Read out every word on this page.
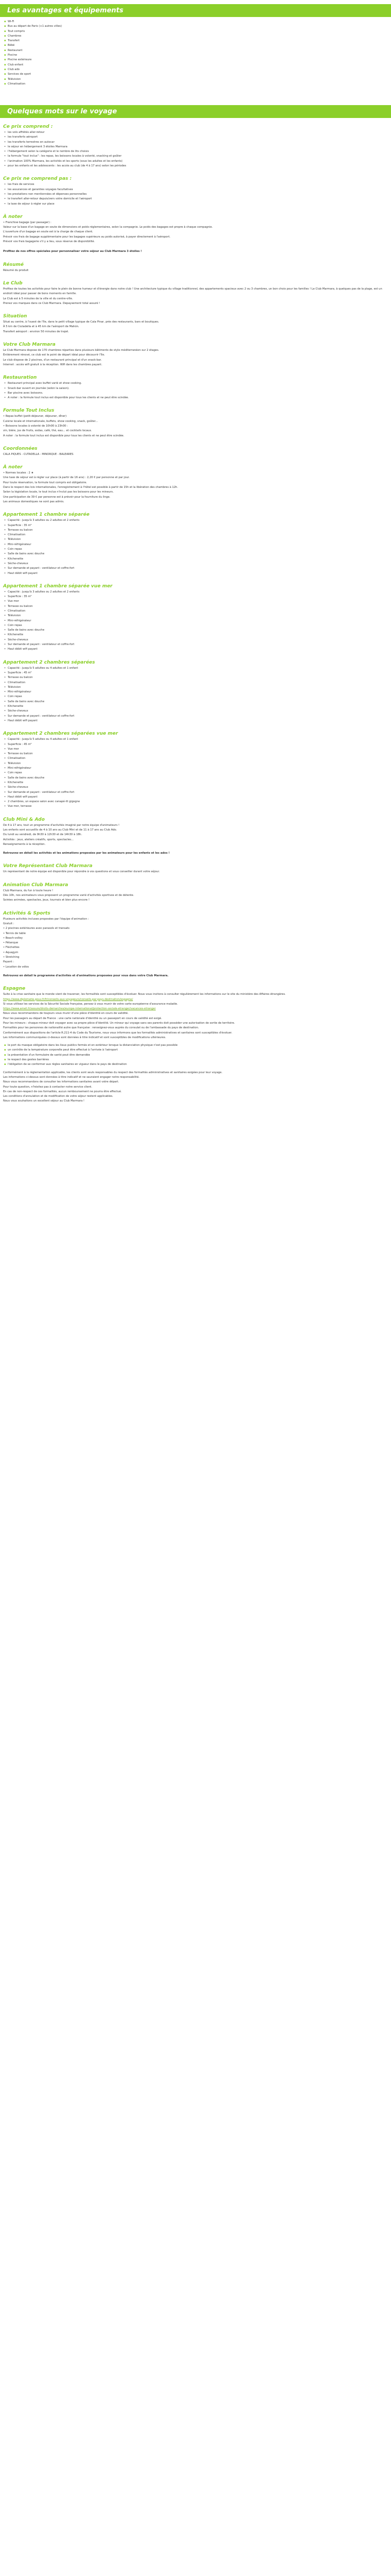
Les avantages et équipements
▪ Wi-Fi
▪ Bus au départ de Paris (+1 autres villes)
▪ Tout compris
▪ Chambres
▪ Transfert
▪ Bébé
▪ Restaurant
▪ Piscine
▪ Piscine extérieure
▪ Club enfant
▪ Club ado
▪ Services de sport
▪ Télévision
▪ Climatisation
Quelques mots sur le voyage
Ce prix comprend :
• les vols affrétés aller-retour
• les transferts aéroport
• les transferts terrestres en autocar
• le séjour en hébergement 3 étoiles Marmara
• l'hébergement selon la catégorie et le nombre de lits choisis
• la formule "tout inclus" : les repas, les boissons locales à volonté, snacking et goûter
• l'animation 100% Marmara, les activités et les sports (sous les adultes et les enfants)
• pour les enfants et les adolescents : les accès au club (de 4 à 17 ans) selon les périodes
Ce prix ne comprend pas :
• les frais de services
• les assurances et garanties voyages facultatives
• les prestations non mentionnées et dépenses personnelles
• le transfert aller-retour depuis/vers votre domicile et l'aéroport
• la taxe de séjour à régler sur place
À noter
• Franchise bagage (par passager) :
Valeur sur la base d'un bagage en soute de dimensions et poids réglementaires, selon la compagnie. Le poids des bagages est propre à chaque compagnie.
L'ouverture d'un bagage en soute est à la charge de chaque client.
Prévoir vos frais de bagage supplémentaire pour les bagages supérieurs au poids autorisé, à payer directement à l'aéroport.
Prévoir vos frais bagagerie s'il y a lieu, sous réserve de disponibilité.
Profitez de nos offres spéciales pour personnaliser votre séjour au Club Marmara 3 étoiles !
Résumé
Résumé du produit
Le Club
Profitez de toutes les activités pour faire le plein de bonne humeur et d'énergie dans notre club ! Une architecture typique du village traditionnel, des appartements spacieux avec 2 ou 3 chambres, un bon choix pour les familles ! Le Club Marmara, à quelques pas de la plage, est un endroit idéal pour passer de bons moments en famille.
Le Club est à 5 minutes de la ville et du centre-ville.
Prenez vos marques dans ce Club Marmara. Depaysement total assuré !
Situation
Situé au centre, à l'ouest de l'île, dans le petit village typique de Cala Pinar, près des restaurants, bars et boutiques.
À 5 km de Ciutadella et à 45 km de l'aéroport de Mahón.
Transfert aéroport : environ 50 minutes de trajet.
Votre Club Marmara
Le Club Marmara dispose de 170 chambres réparties dans plusieurs bâtiments de style méditerranéen sur 2 étages.
Entièrement rénové, ce club est le point de départ idéal pour découvrir l'île.
Le club dispose de 2 piscines, d'un restaurant principal et d'un snack-bar.
Internet : accès wifi gratuit à la réception. Wifi dans les chambres payant.
Restauration
• Restaurant principal avec buffet varié et show cooking.
• Snack-bar ouvert en journée (selon la saison).
• Bar piscine avec boissons.
• A noter : la formule tout inclus est disponible pour tous les clients et ne peut être scindée.
Formule Tout Inclus
• Repas buffet (petit-déjeuner, déjeuner, dîner)
Cuisine locale et internationale, buffets, show cooking, snack, goûter...
• Boissons locales à volonté de 10h00 à 23h00 :
vin, bière, jus de fruits, sodas, café, thé, eau... et cocktails locaux.
A noter : la formule tout inclus est disponible pour tous les clients et ne peut être scindée.
Coordonnées
CALA PIQUES - CUTADELLA - MINORQUE - BALEARES
À noter
• Normes locales : 2 ★
Une taxe de séjour est à régler sur place (à partir de 16 ans) : 2,20 € par personne et par jour.
Pour toute réservation, la formule tout compris est obligatoire.
Dans le respect des lois internationales, l'enregistrement à l'hôtel est possible à partir de 15h et la libération des chambres à 12h.
Selon la législation locale, le tout inclus n'inclut pas les boissons pour les mineurs.
Une participation de 39 € par personne est à prévoir pour la fourniture du linge.
Les animaux domestiques ne sont pas admis.
Appartement 1 chambre séparée
• Capacité : jusqu'à 3 adultes ou 2 adultes et 2 enfants
• Superficie : 35 m²
• Terrasse ou balcon
• Climatisation
• Télévision
• Mini-réfrigérateur
• Coin repas
• Salle de bains avec douche
• Kitchenette
• Sèche-cheveux
• Sur demande et payant : ventilateur et coffre-fort
• Haut débit wifi payant
Appartement 1 chambre séparée vue mer
• Capacité : jusqu'à 3 adultes ou 2 adultes et 2 enfants
• Superficie : 35 m²
• Vue mer
• Terrasse ou balcon
• Climatisation
• Télévision
• Mini-réfrigérateur
• Coin repas
• Salle de bains avec douche
• Kitchenette
• Sèche-cheveux
• Sur demande et payant : ventilateur et coffre-fort
• Haut débit wifi payant
Appartement 2 chambres séparées
• Capacité : jusqu'à 5 adultes ou 4 adultes et 1 enfant
• Superficie : 45 m²
• Terrasse ou balcon
• Climatisation
• Télévision
• Mini-réfrigérateur
• Coin repas
• Salle de bains avec douche
• Kitchenette
• Sèche-cheveux
• Sur demande et payant : ventilateur et coffre-fort
• Haut débit wifi payant
Appartement 2 chambres séparées vue mer
• Capacité : jusqu'à 5 adultes ou 4 adultes et 1 enfant
• Superficie : 45 m²
• Vue mer
• Terrasse ou balcon
• Climatisation
• Télévision
• Mini-réfrigérateur
• Coin repas
• Salle de bains avec douche
• Kitchenette
• Sèche-cheveux
• Sur demande et payant : ventilateur et coffre-fort
• Haut débit wifi payant
• 2 chambres, un espace salon avec canapé-lit gigogne
• Vue mer, terrasse
Club Mini & Ado
De 4 à 17 ans, tout un programme d'activités imaginé par notre équipe d'animateurs !
Les enfants sont accueillis de 4 à 10 ans au Club Mini et de 11 à 17 ans au Club Ado.
Du lundi au vendredi, de 9h30 à 12h30 et de 14h30 à 18h.
Activités : jeux, ateliers créatifs, sports, spectacles...
Renseignements à la réception.
Retrouvez en détail les activités et les animations proposées par les animateurs pour les enfants et les ados !
Votre Représentant Club Marmara
Un représentant de notre équipe est disponible pour répondre à vos questions et vous conseiller durant votre séjour.
Animation Club Marmara
Club Marmara, du fun à toute heure !
Dès 10h, nos animateurs vous proposent un programme varié d'activités sportives et de détente.
Soirées animées, spectacles, jeux, tournois et bien plus encore !
Activités & Sports
Plusieurs activités incluses proposées par l'équipe d'animation :
Gratuit :
• 2 piscines extérieures avec parasols et transats
• Tennis de table
• Beach-volley
• Pétanque
• Fléchettes
• Aquagym
• Stretching
Payant :
• Location de vélos
Retrouvez en détail le programme d'activités et d'animations proposées pour vous dans votre Club Marmara.
Espagne
Suite à la crise sanitaire que le monde vient de traverser, les formalités sont susceptibles d'évoluer. Nous vous invitons à consulter régulièrement les informations sur le site du ministère des Affaires étrangères.
https://www.diplomatie.gouv.fr/fr/conseils-aux-voyageurs/conseils-par-pays-destination/espagne/
Si vous utilisez les services de la Sécurité Sociale française, pensez à vous munir de votre carte européenne d'assurance maladie.
https://www.ameli.fr/assure/droits-demarches/europe-international/protection-sociale-etranger/vacances-etranger
Nous vous recommandons de toujours vous munir d'une pièce d'identité en cours de validité.
Pour les passagers au départ de France : une carte nationale d'identité ou un passeport en cours de validité est exigé.
Pour les mineurs : chaque mineur doit voyager avec sa propre pièce d'identité. Un mineur qui voyage sans ses parents doit posséder une autorisation de sortie de territoire.
Formalités pour les personnes de nationalité autre que française : renseignez-vous auprès du consulat ou de l'ambassade du pays de destination.
Conformément aux dispositions de l'article R.211-4 du Code du Tourisme, nous vous informons que les formalités administratives et sanitaires sont susceptibles d'évoluer.
Les informations communiquées ci-dessus sont données à titre indicatif et sont susceptibles de modifications ultérieures.
▪ le port du masque obligatoire dans les lieux publics fermés et en extérieur lorsque la distanciation physique n'est pas possible
▪ un contrôle de la température corporelle peut être effectué à l'arrivée à l'aéroport
▪ la présentation d'un formulaire de santé peut être demandée
▪ le respect des gestes barrières
▪ l'obligation de se conformer aux règles sanitaires en vigueur dans le pays de destination
Conformément à la réglementation applicable, les clients sont seuls responsables du respect des formalités administratives et sanitaires exigées pour leur voyage.
Les informations ci-dessus sont données à titre indicatif et ne sauraient engager notre responsabilité.
Nous vous recommandons de consulter les informations sanitaires avant votre départ.
Pour toute question, n'hésitez pas à contacter notre service client.
En cas de non-respect de ces formalités, aucun remboursement ne pourra être effectué.
Les conditions d'annulation et de modification de votre séjour restent applicables.
Nous vous souhaitons un excellent séjour au Club Marmara !
